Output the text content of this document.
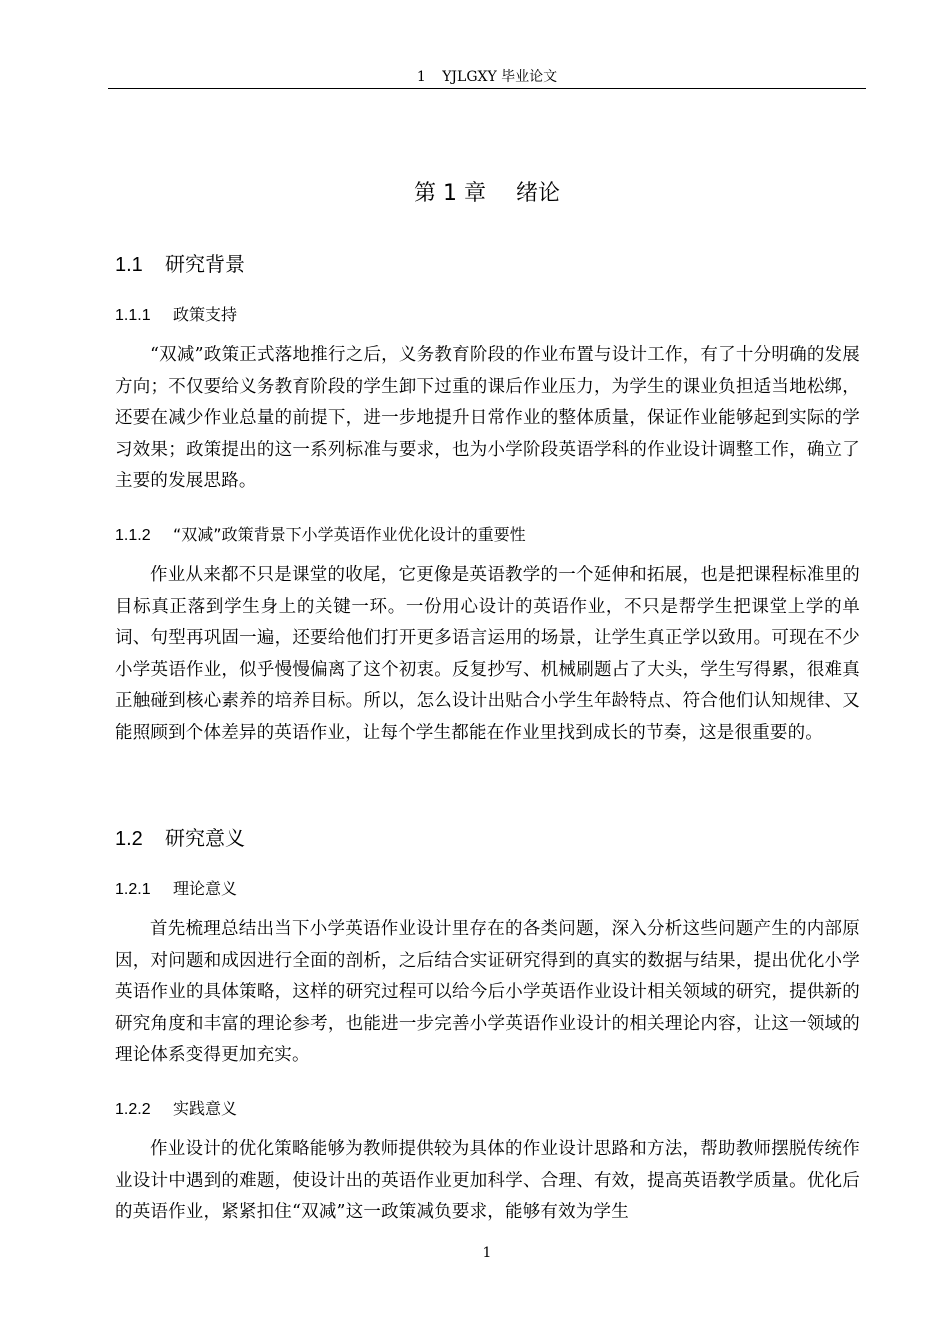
1 YJLGXY 毕业论文
第 1 章 绪论
1.1 研究背景
1.1.1 政策支持

“双减”政策正式落地推行之后，义务教育阶段的作业布置与设计工作，有了十分明确的发展方向；不仅要给义务教育阶段的学生卸下过重的课后作业压力，为学生的课业负担适当地松绑，还要在减少作业总量的前提下，进一步地提升日常作业的整体质量，保证作业能够起到实际的学习效果；政策提出的这一系列标准与要求，也为小学阶段英语学科的作业设计调整工作，确立了主要的发展思路。

1.1.2 “双减”政策背景下小学英语作业优化设计的重要性

作业从来都不只是课堂的收尾，它更像是英语教学的一个延伸和拓展，也是把课程标准里的目标真正落到学生身上的关键一环。一份用心设计的英语作业，不只是帮学生把课堂上学的单词、句型再巩固一遍，还要给他们打开更多语言运用的场景，让学生真正学以致用。可现在不少小学英语作业，似乎慢慢偏离了这个初衷。反复抄写、机械刷题占了大头，学生写得累，很难真正触碰到核心素养的培养目标。所以，怎么设计出贴合小学生年龄特点、符合他们认知规律、又能照顾到个体差异的英语作业，让每个学生都能在作业里找到成长的节奏，这是很重要的。

1.2 研究意义
1.2.1 理论意义

首先梳理总结出当下小学英语作业设计里存在的各类问题，深入分析这些问题产生的内部原因，对问题和成因进行全面的剖析，之后结合实证研究得到的真实的数据与结果，提出优化小学英语作业的具体策略，这样的研究过程可以给今后小学英语作业设计相关领域的研究，提供新的研究角度和丰富的理论参考，也能进一步完善小学英语作业设计的相关理论内容，让这一领域的理论体系变得更加充实。

1.2.2 实践意义

作业设计的优化策略能够为教师提供较为具体的作业设计思路和方法，帮助教师摆脱传统作业设计中遇到的难题，使设计出的英语作业更加科学、合理、有效，提高英语教学质量。优化后的英语作业，紧紧扣住“双减”这一政策减负要求，能够有效为学生

1
